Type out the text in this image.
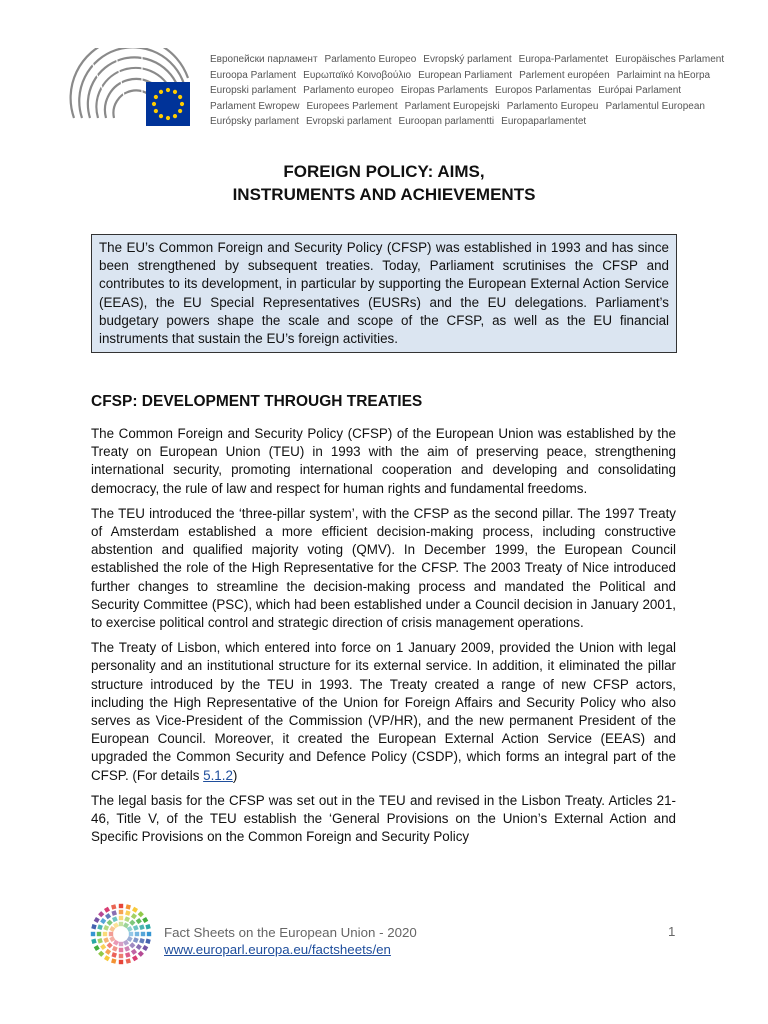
Европейски парламент Parlamento Europeo Evropský parlament Europa-Parlamentet Europäisches Parlament
Euroopa Parlament Ευρωπαϊκό Κοινοβούλιο European Parliament Parlement européen Parlaimint na hEorpa
Europski parlament Parlamento europeo Eiropas Parlaments Europos Parlamentas Európai Parlament
Parlament Ewropew Europees Parlement Parlament Europejski Parlamento Europeu Parlamentul European
Európsky parlament Evropski parlament Euroopan parlamentti Europaparlamentet
FOREIGN POLICY: AIMS,
INSTRUMENTS AND ACHIEVEMENTS
The EU’s Common Foreign and Security Policy (CFSP) was established in 1993 and has since been strengthened by subsequent treaties. Today, Parliament scrutinises the CFSP and contributes to its development, in particular by supporting the European External Action Service (EEAS), the EU Special Representatives (EUSRs) and the EU delegations. Parliament’s budgetary powers shape the scale and scope of the CFSP, as well as the EU financial instruments that sustain the EU’s foreign activities.
CFSP: DEVELOPMENT THROUGH TREATIES

The Common Foreign and Security Policy (CFSP) of the European Union was established by the Treaty on European Union (TEU) in 1993 with the aim of preserving peace, strengthening international security, promoting international cooperation and developing and consolidating democracy, the rule of law and respect for human rights and fundamental freedoms.

The TEU introduced the ‘three-pillar system’, with the CFSP as the second pillar. The 1997 Treaty of Amsterdam established a more efficient decision-making process, including constructive abstention and qualified majority voting (QMV). In December 1999, the European Council established the role of the High Representative for the CFSP. The 2003 Treaty of Nice introduced further changes to streamline the decision-making process and mandated the Political and Security Committee (PSC), which had been established under a Council decision in January 2001, to exercise political control and strategic direction of crisis management operations.

The Treaty of Lisbon, which entered into force on 1 January 2009, provided the Union with legal personality and an institutional structure for its external service. In addition, it eliminated the pillar structure introduced by the TEU in 1993. The Treaty created a range of new CFSP actors, including the High Representative of the Union for Foreign Affairs and Security Policy who also serves as Vice-President of the Commission (VP/HR), and the new permanent President of the European Council. Moreover, it created the European External Action Service (EEAS) and upgraded the Common Security and Defence Policy (CSDP), which forms an integral part of the CFSP. (For details 5.1.2)

The legal basis for the CFSP was set out in the TEU and revised in the Lisbon Treaty. Articles 21-46, Title V, of the TEU establish the ‘General Provisions on the Union’s External Action and Specific Provisions on the Common Foreign and Security Policy

Fact Sheets on the European Union - 2020
www.europarl.europa.eu/factsheets/en
1
